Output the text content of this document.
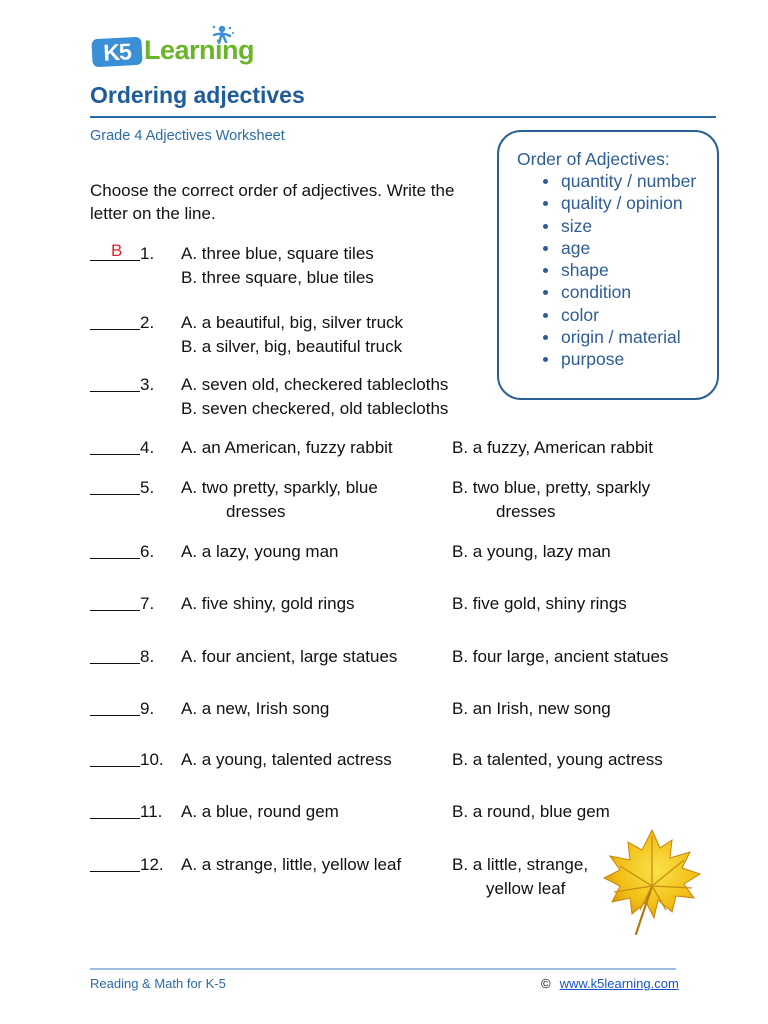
K5 Learning
Ordering adjectives
Grade 4 Adjectives Worksheet
Order of Adjectives:
quantity / number
quality / opinion
size
age
shape
condition
color
origin / material
purpose
Choose the correct order of adjectives. Write the letter on the line.
B 1. A. three blue, square tiles
B. three square, blue tiles
2. A. a beautiful, big, silver truck
B. a silver, big, beautiful truck
3. A. seven old, checkered tablecloths
B. seven checkered, old tablecloths
4. A. an American, fuzzy rabbit	B. a fuzzy, American rabbit
5. A. two pretty, sparkly, blue
dresses
B. two blue, pretty, sparkly
dresses
6. A. a lazy, young man	B. a young, lazy man
7. A. five shiny, gold rings	B. five gold, shiny rings
8. A. four ancient, large statues	B. four large, ancient statues
9. A. a new, Irish song	B. an Irish, new song
10. A. a young, talented actress	B. a talented, young actress
11. A. a blue, round gem	B. a round, blue gem
12. A. a strange, little, yellow leaf	B. a little, strange,
yellow leaf
Reading & Math for K-5	© www.k5learning.com
